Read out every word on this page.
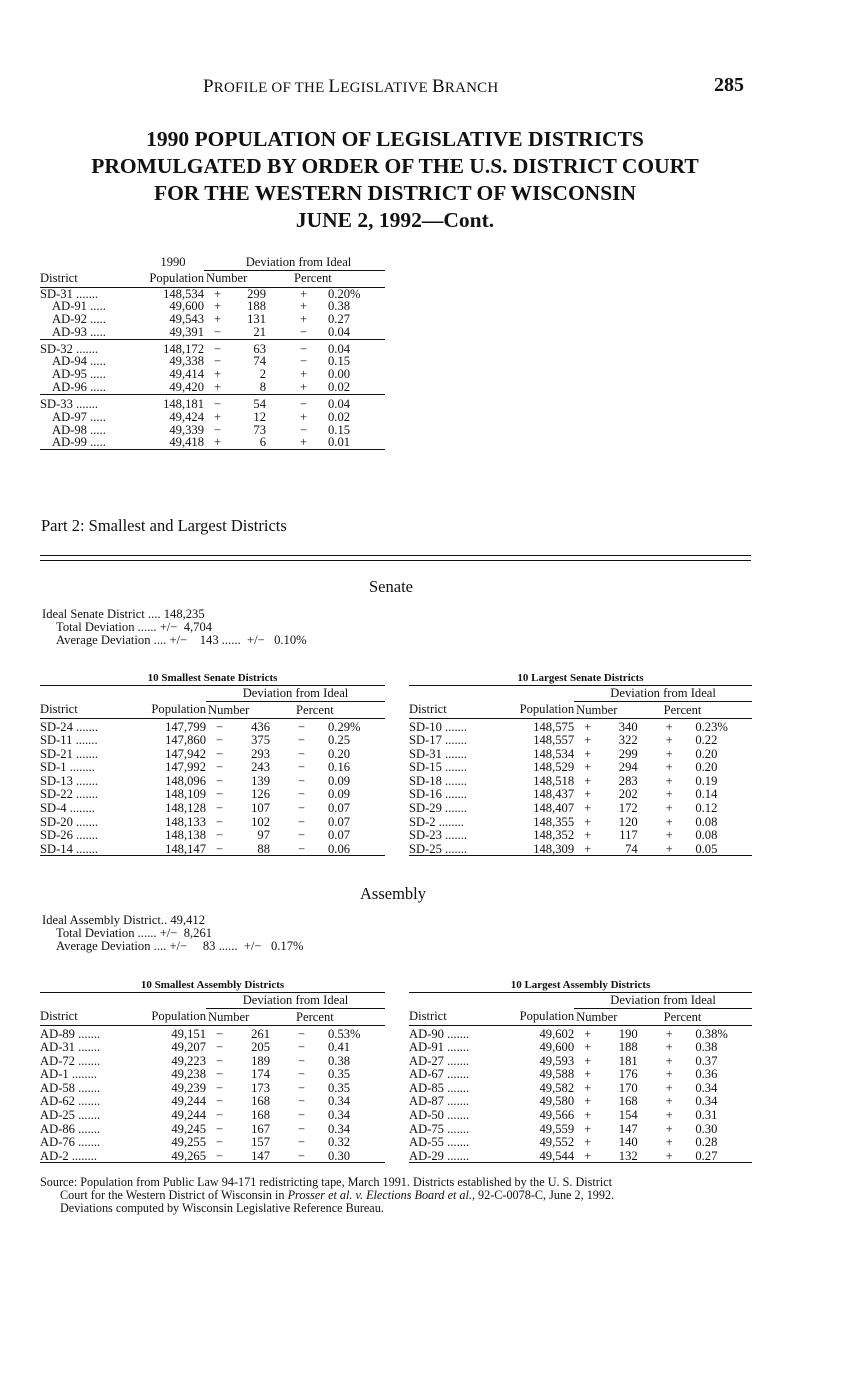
PROFILE OF THE LEGISLATIVE BRANCH	285
1990 POPULATION OF LEGISLATIVE DISTRICTS
PROMULGATED BY ORDER OF THE U.S. DISTRICT COURT
FOR THE WESTERN DISTRICT OF WISCONSIN
JUNE 2, 1992—Cont.
	1990	Deviation from Ideal			
District	Population	Number		Percent	
SD-31 .......	148,534	+	299	+	0.20%
AD-91 .....	49,600	+	188	+	0.38
AD-92 .....	49,543	+	131	+	0.27
AD-93 .....	49,391	−	21	−	0.04
SD-32 .......	148,172	−	63	−	0.04
AD-94 .....	49,338	−	74	−	0.15
AD-95 .....	49,414	+	2	+	0.00
AD-96 .....	49,420	+	8	+	0.02
SD-33 .......	148,181	−	54	−	0.04
AD-97 .....	49,424	+	12	+	0.02
AD-98 .....	49,339	−	73	−	0.15
AD-99 .....	49,418	+	6	+	0.01
Part 2: Smallest and Largest Districts
Senate
Ideal Senate District .... 148,235
Total Deviation ...... +/−  4,704
Average Deviation .... +/−    143 ......  +/−   0.10%
10 Smallest Senate Districts
		Deviation from Ideal			
District	Population	Number		Percent	
SD-24 .......	147,799	−	436	−	0.29%
SD-11 .......	147,860	−	375	−	0.25
SD-21 .......	147,942	−	293	−	0.20
SD-1 ........	147,992	−	243	−	0.16
SD-13 .......	148,096	−	139	−	0.09
SD-22 .......	148,109	−	126	−	0.09
SD-4 ........	148,128	−	107	−	0.07
SD-20 .......	148,133	−	102	−	0.07
SD-26 .......	148,138	−	97	−	0.07
SD-14 .......	148,147	−	88	−	0.06
10 Largest Senate Districts
		Deviation from Ideal			
District	Population	Number		Percent	
SD-10 .......	148,575	+	340	+	0.23%
SD-17 .......	148,557	+	322	+	0.22
SD-31 .......	148,534	+	299	+	0.20
SD-15 .......	148,529	+	294	+	0.20
SD-18 .......	148,518	+	283	+	0.19
SD-16 .......	148,437	+	202	+	0.14
SD-29 .......	148,407	+	172	+	0.12
SD-2 ........	148,355	+	120	+	0.08
SD-23 .......	148,352	+	117	+	0.08
SD-25 .......	148,309	+	74	+	0.05
Assembly
Ideal Assembly District.. 49,412
Total Deviation ...... +/−  8,261
Average Deviation .... +/−     83 ......  +/−   0.17%
10 Smallest Assembly Districts
		Deviation from Ideal			
District	Population	Number		Percent	
AD-89 .......	49,151	−	261	−	0.53%
AD-31 .......	49,207	−	205	−	0.41
AD-72 .......	49,223	−	189	−	0.38
AD-1 ........	49,238	−	174	−	0.35
AD-58 .......	49,239	−	173	−	0.35
AD-62 .......	49,244	−	168	−	0.34
AD-25 .......	49,244	−	168	−	0.34
AD-86 .......	49,245	−	167	−	0.34
AD-76 .......	49,255	−	157	−	0.32
AD-2 ........	49,265	−	147	−	0.30
10 Largest Assembly Districts
		Deviation from Ideal			
District	Population	Number		Percent	
AD-90 .......	49,602	+	190	+	0.38%
AD-91 .......	49,600	+	188	+	0.38
AD-27 .......	49,593	+	181	+	0.37
AD-67 .......	49,588	+	176	+	0.36
AD-85 .......	49,582	+	170	+	0.34
AD-87 .......	49,580	+	168	+	0.34
AD-50 .......	49,566	+	154	+	0.31
AD-75 .......	49,559	+	147	+	0.30
AD-55 .......	49,552	+	140	+	0.28
AD-29 .......	49,544	+	132	+	0.27
Source: Population from Public Law 94-171 redistricting tape, March 1991. Districts established by the U. S. District
Court for the Western District of Wisconsin in Prosser et al. v. Elections Board et al., 92-C-0078-C, June 2, 1992.
Deviations computed by Wisconsin Legislative Reference Bureau.
